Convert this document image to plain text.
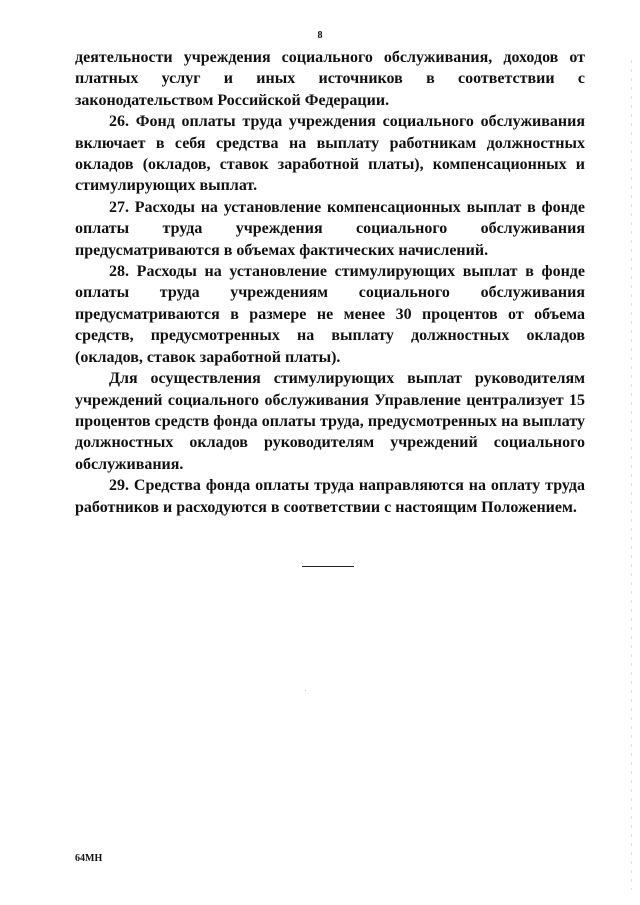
8

деятельности учреждения социального обслуживания, доходов от платных услуг и иных источников в соответствии с законодательством Российской Федерации.

26. Фонд оплаты труда учреждения социального обслуживания включает в себя средства на выплату работникам должностных окладов (окладов, ставок заработной платы), компенсационных и стимулирующих выплат.

27. Расходы на установление компенсационных выплат в фонде оплаты труда учреждения социального обслуживания предусматриваются в объемах фактических начислений.

28. Расходы на установление стимулирующих выплат в фонде оплаты труда учреждениям социального обслуживания предусматриваются в размере не менее 30 процентов от объема средств, предусмотренных на выплату должностных окладов (окладов, ставок заработной платы).

Для осуществления стимулирующих выплат руководителям учреждений социального обслуживания Управление централизует 15 процентов средств фонда оплаты труда, предусмотренных на выплату должностных окладов руководителям учреждений социального обслуживания.

29. Средства фонда оплаты труда направляются на оплату труда работников и расходуются в соответствии с настоящим Положением.

64МН
